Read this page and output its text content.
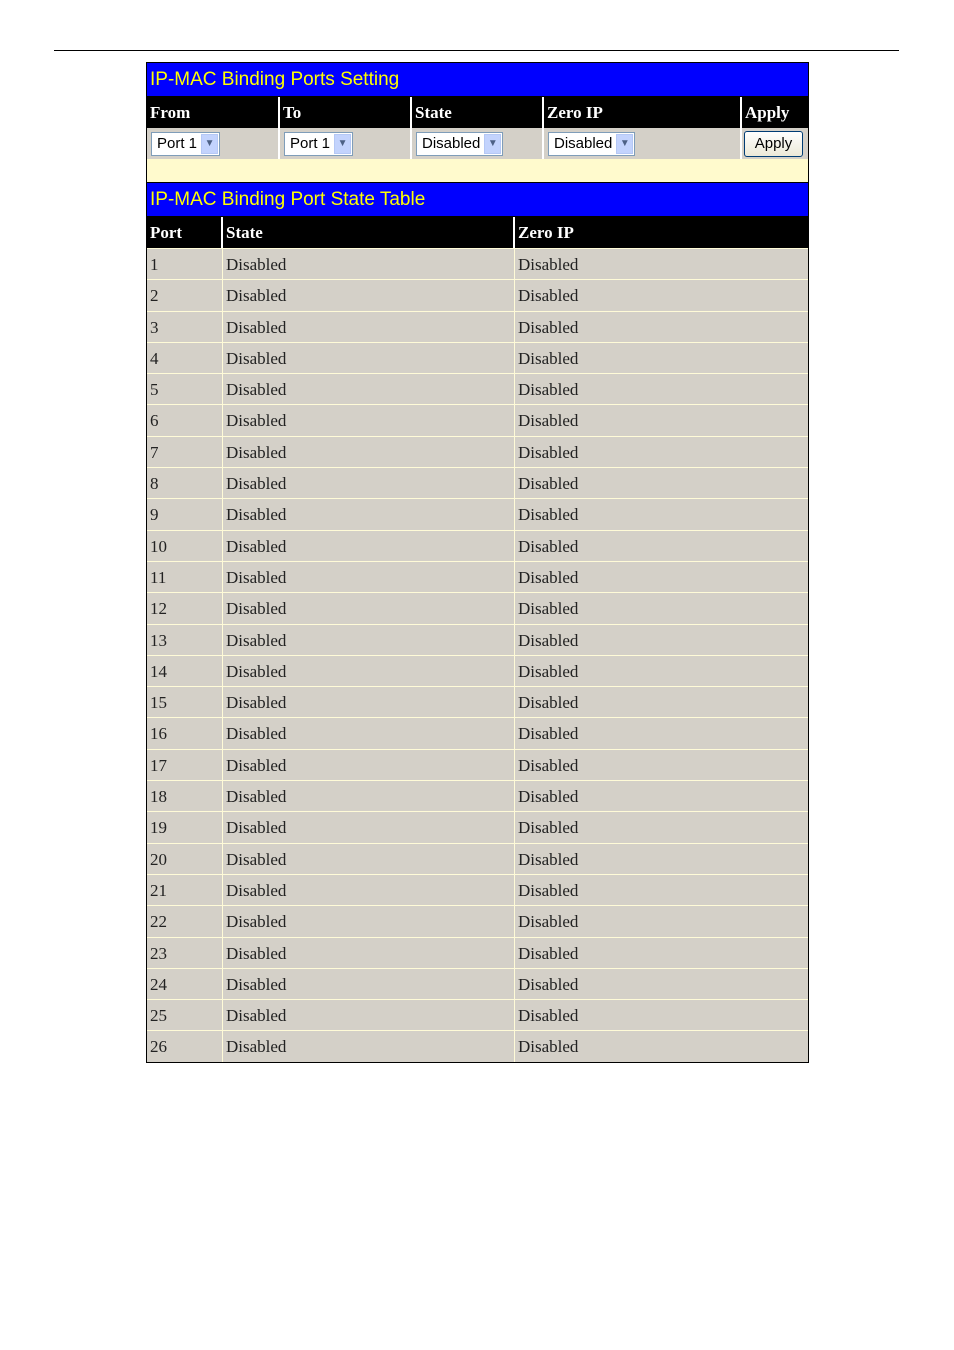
IP-MAC Binding Ports Setting
From	To	State	Zero IP	Apply
Port 1 ▼	Port 1 ▼	Disabled ▼	Disabled ▼	Apply
IP-MAC Binding Port State Table
Port	State	Zero IP
1	Disabled	Disabled
2	Disabled	Disabled
3	Disabled	Disabled
4	Disabled	Disabled
5	Disabled	Disabled
6	Disabled	Disabled
7	Disabled	Disabled
8	Disabled	Disabled
9	Disabled	Disabled
10	Disabled	Disabled
11	Disabled	Disabled
12	Disabled	Disabled
13	Disabled	Disabled
14	Disabled	Disabled
15	Disabled	Disabled
16	Disabled	Disabled
17	Disabled	Disabled
18	Disabled	Disabled
19	Disabled	Disabled
20	Disabled	Disabled
21	Disabled	Disabled
22	Disabled	Disabled
23	Disabled	Disabled
24	Disabled	Disabled
25	Disabled	Disabled
26	Disabled	Disabled
